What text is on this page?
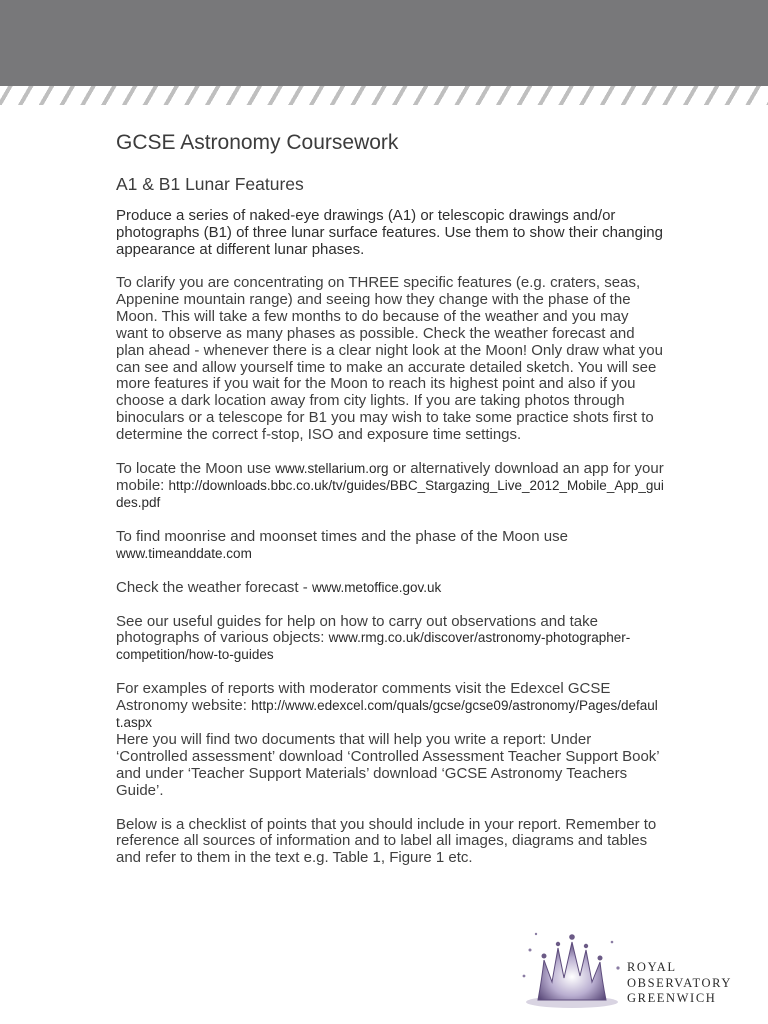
GCSE Astronomy Coursework
A1 & B1 Lunar Features

Produce a series of naked-eye drawings (A1) or telescopic drawings and/or photographs (B1) of three lunar surface features. Use them to show their changing appearance at different lunar phases.

To clarify you are concentrating on THREE specific features (e.g. craters, seas, Appenine mountain range) and seeing how they change with the phase of the Moon. This will take a few months to do because of the weather and you may want to observe as many phases as possible. Check the weather forecast and plan ahead - whenever there is a clear night look at the Moon! Only draw what you can see and allow yourself time to make an accurate detailed sketch. You will see more features if you wait for the Moon to reach its highest point and also if you choose a dark location away from city lights. If you are taking photos through binoculars or a telescope for B1 you may wish to take some practice shots first to determine the correct f-stop, ISO and exposure time settings.

To locate the Moon use www.stellarium.org or alternatively download an app for your mobile: http://downloads.bbc.co.uk/tv/guides/BBC_Stargazing_Live_2012_Mobile_App_guides.pdf

To find moonrise and moonset times and the phase of the Moon use www.timeanddate.com

Check the weather forecast - www.metoffice.gov.uk

See our useful guides for help on how to carry out observations and take photographs of various objects: www.rmg.co.uk/discover/astronomy-photographer-competition/how-to-guides

For examples of reports with moderator comments visit the Edexcel GCSE Astronomy website: http://www.edexcel.com/quals/gcse/gcse09/astronomy/Pages/default.aspx

Here you will find two documents that will help you write a report: Under ‘Controlled assessment’ download ‘Controlled Assessment Teacher Support Book’ and under ‘Teacher Support Materials’ download ‘GCSE Astronomy Teachers Guide’.

Below is a checklist of points that you should include in your report. Remember to reference all sources of information and to label all images, diagrams and tables and refer to them in the text e.g. Table 1, Figure 1 etc.

ROYAL
OBSERVATORY
GREENWICH
